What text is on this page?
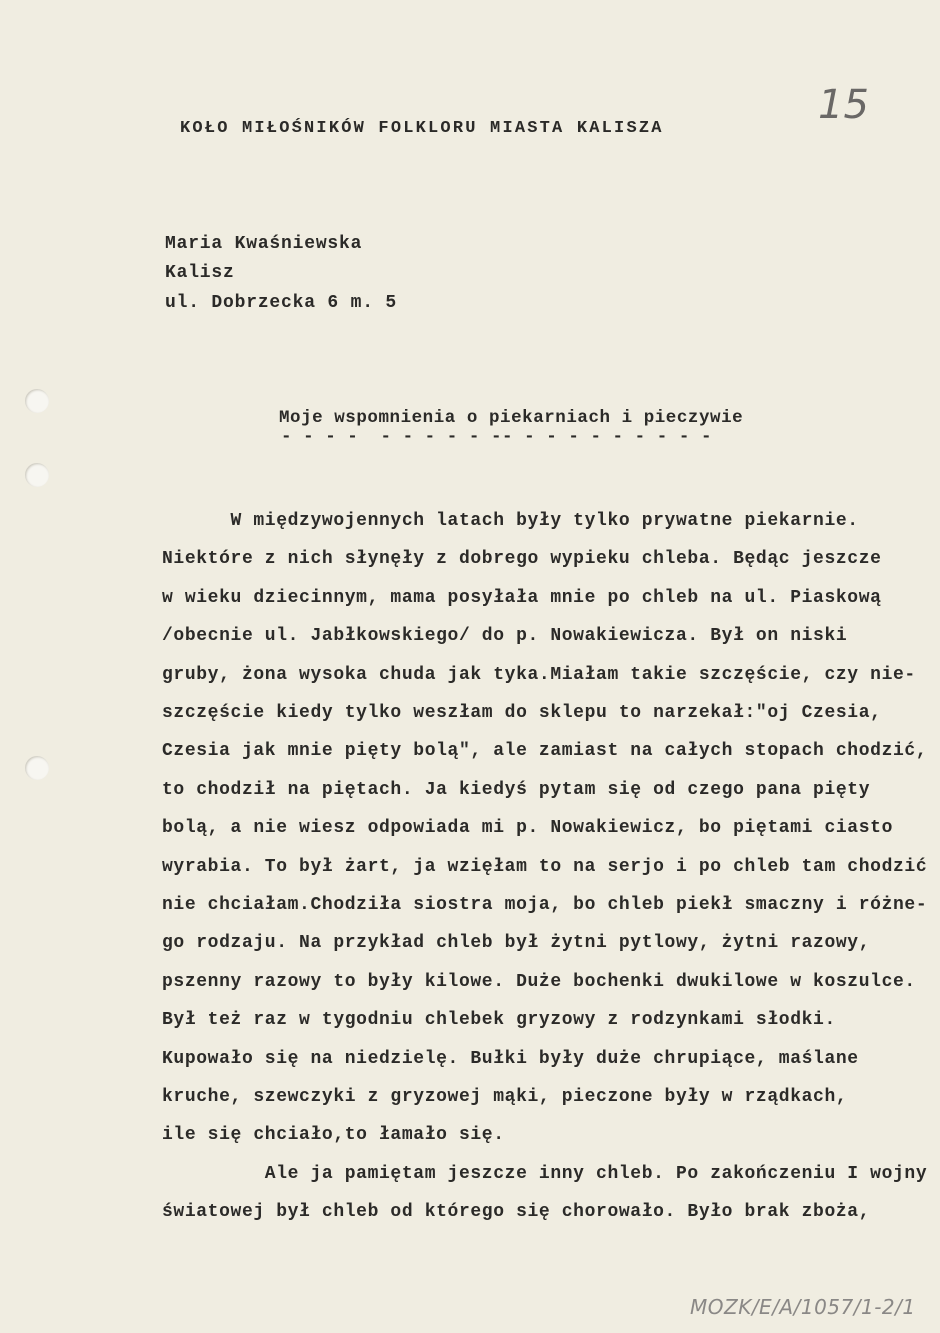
15
KOŁO MIŁOŚNIKÓW FOLKLORU MIASTA KALISZA
Maria Kwaśniewska
Kalisz
ul. Dobrzecka 6 m. 5
Moje wspomnienia o piekarniach i pieczywie
- - - -  - - - - - -- - - - - - - - - -
W międzywojennych latach były tylko prywatne piekarnie.
Niektóre z nich słynęły z dobrego wypieku chleba. Będąc jeszcze
w wieku dziecinnym, mama posyłała mnie po chleb na ul. Piaskową
/obecnie ul. Jabłkowskiego/ do p. Nowakiewicza. Był on niski
gruby, żona wysoka chuda jak tyka.Miałam takie szczęście, czy nie-
szczęście kiedy tylko weszłam do sklepu to narzekał:"oj Czesia,
Czesia jak mnie pięty bolą", ale zamiast na całych stopach chodzić,
to chodził na piętach. Ja kiedyś pytam się od czego pana pięty
bolą, a nie wiesz odpowiada mi p. Nowakiewicz, bo piętami ciasto
wyrabia. To był żart, ja wzięłam to na serjo i po chleb tam chodzić
nie chciałam.Chodziła siostra moja, bo chleb piekł smaczny i różne-
go rodzaju. Na przykład chleb był żytni pytlowy, żytni razowy,
pszenny razowy to były kilowe. Duże bochenki dwukilowe w koszulce.
Był też raz w tygodniu chlebek gryzowy z rodzynkami słodki.
Kupowało się na niedzielę. Bułki były duże chrupiące, maślane
kruche, szewczyki z gryzowej mąki, pieczone były w rządkach,
ile się chciało,to łamało się.
Ale ja pamiętam jeszcze inny chleb. Po zakończeniu I wojny
światowej był chleb od którego się chorowało. Było brak zboża,
MOZK/E/A/1057/1-2/1
